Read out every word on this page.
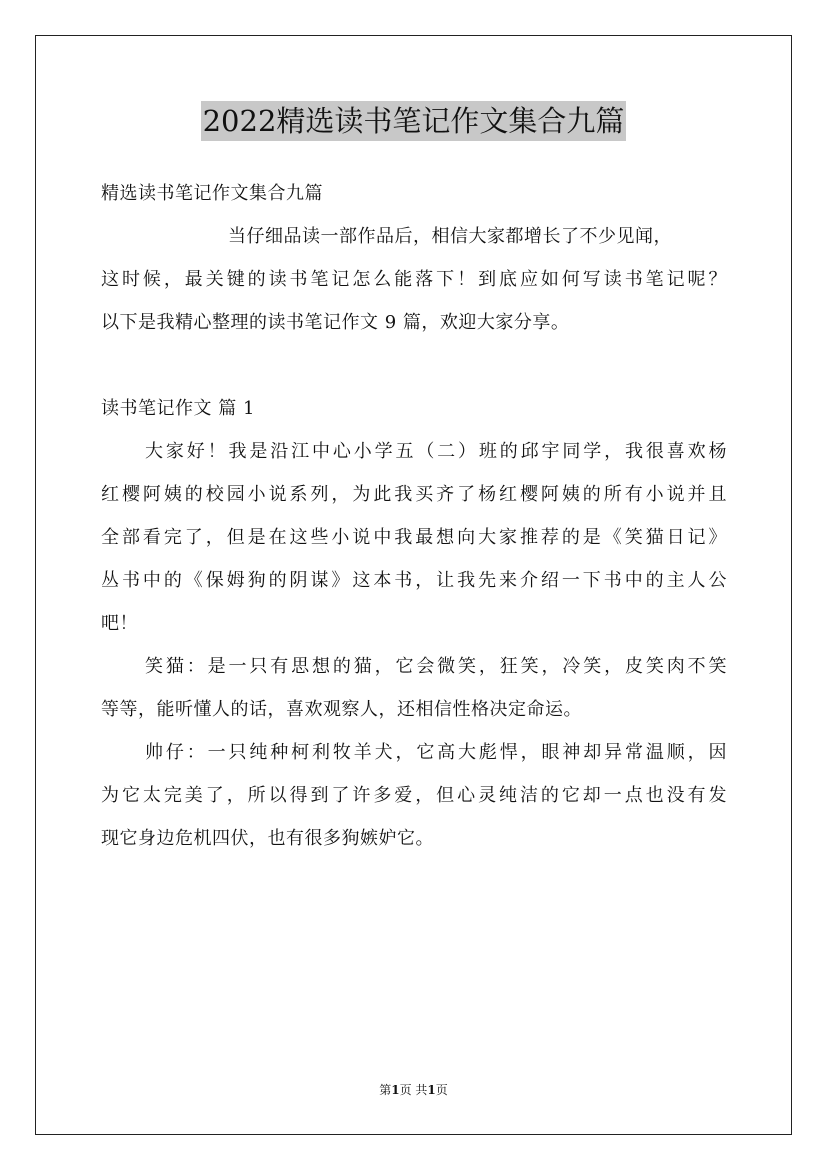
2022精选读书笔记作文集合九篇
精选读书笔记作文集合九篇
当仔细品读一部作品后，相信大家都增长了不少见闻，
这时候，最关键的读书笔记怎么能落下！到底应如何写读书笔记呢？
以下是我精心整理的读书笔记作文 9 篇，欢迎大家分享。
读书笔记作文 篇 1
大家好！我是沿江中心小学五（二）班的邱宇同学，我很喜欢杨
红樱阿姨的校园小说系列，为此我买齐了杨红樱阿姨的所有小说并且
全部看完了，但是在这些小说中我最想向大家推荐的是《笑猫日记》
丛书中的《保姆狗的阴谋》这本书，让我先来介绍一下书中的主人公
吧！
笑猫：是一只有思想的猫，它会微笑，狂笑，冷笑，皮笑肉不笑
等等，能听懂人的话，喜欢观察人，还相信性格决定命运。
帅仔：一只纯种柯利牧羊犬，它高大彪悍，眼神却异常温顺，因
为它太完美了，所以得到了许多爱，但心灵纯洁的它却一点也没有发
现它身边危机四伏，也有很多狗嫉妒它。
第1页 共1页
